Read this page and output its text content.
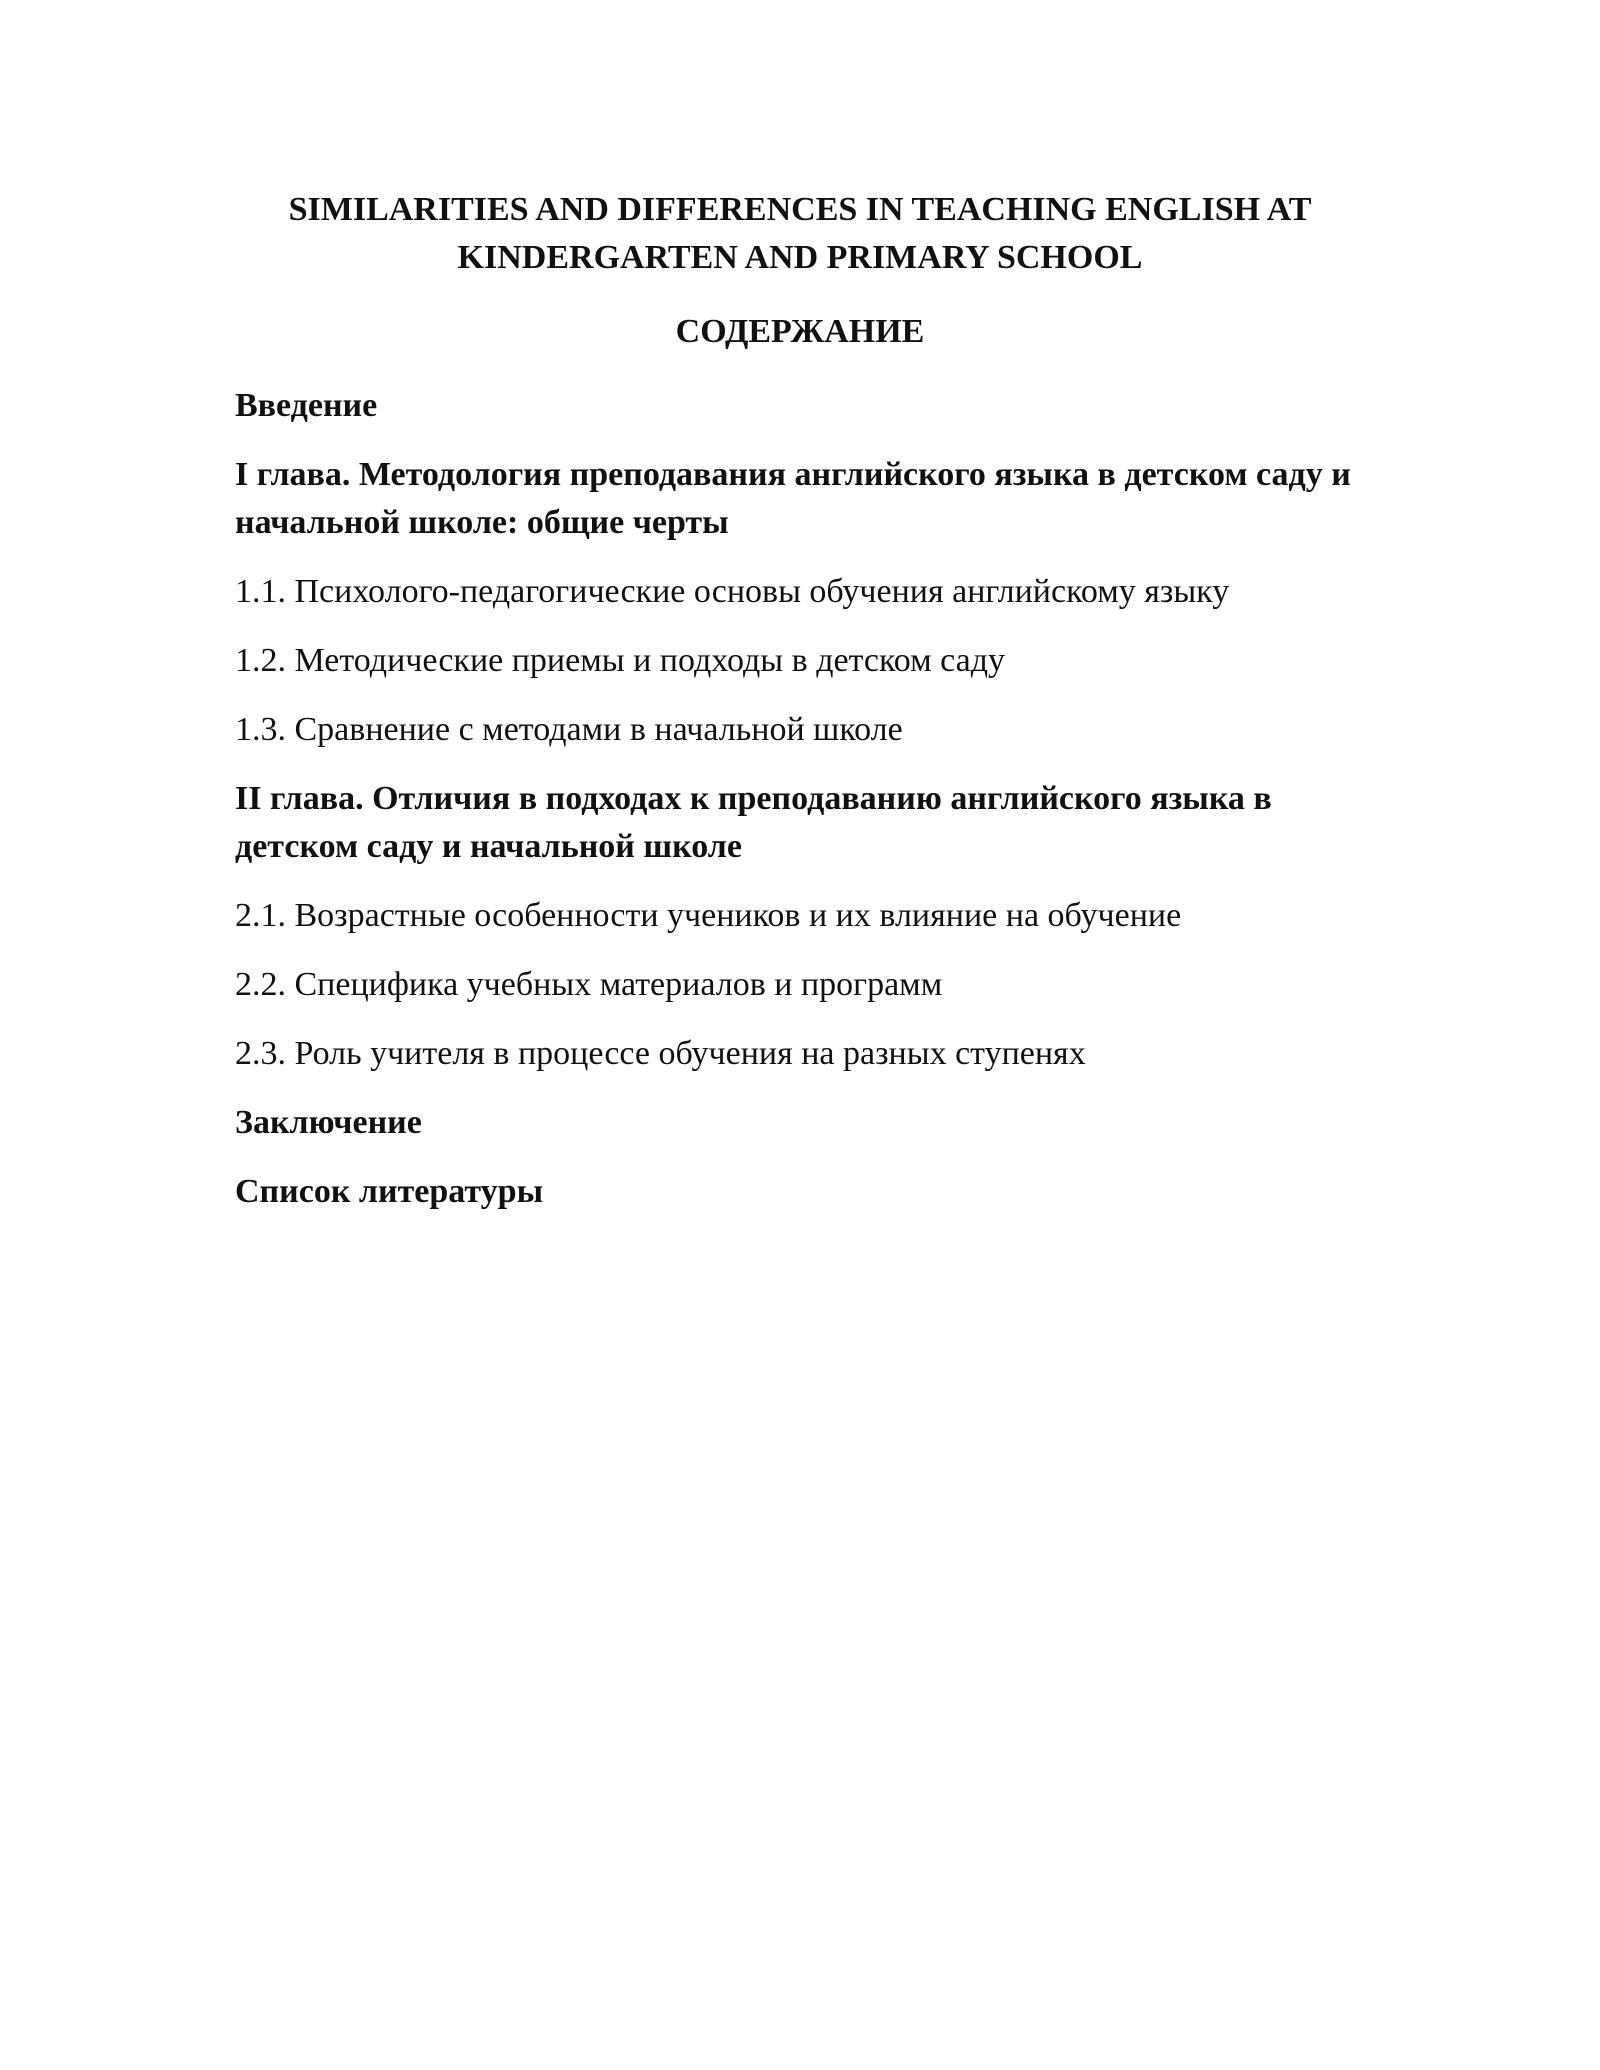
SIMILARITIES AND DIFFERENCES IN TEACHING ENGLISH AT KINDERGARTEN AND PRIMARY SCHOOL
СОДЕРЖАНИЕ
Введение
I глава. Методология преподавания английского языка в детском саду и начальной школе: общие черты
1.1. Психолого-педагогические основы обучения английскому языку
1.2. Методические приемы и подходы в детском саду
1.3. Сравнение с методами в начальной школе
II глава. Отличия в подходах к преподаванию английского языка в детском саду и начальной школе
2.1. Возрастные особенности учеников и их влияние на обучение
2.2. Специфика учебных материалов и программ
2.3. Роль учителя в процессе обучения на разных ступенях
Заключение
Список литературы
